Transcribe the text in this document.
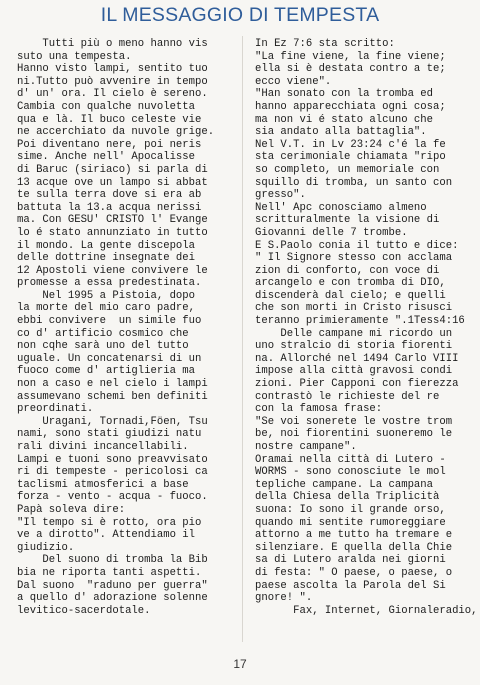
IL MESSAGGIO DI TEMPESTA
Tutti più o meno hanno vis
suto una tempesta.
Hanno visto lampi, sentito tuo
ni.Tutto può avvenire in tempo
d' un' ora. Il cielo è sereno.
Cambia con qualche nuvoletta
qua e là. Il buco celeste vie
ne accerchiato da nuvole grige.
Poi diventano nere, poi neris
sime. Anche nell' Apocalisse
di Baruc (siriaco) si parla di
13 acque ove un lampo si abbat
te sulla terra dove si era ab
battuta la 13.a acqua nerissi
ma. Con GESU' CRISTO l' Evange
lo é stato annunziato in tutto
il mondo. La gente discepola
delle dottrine insegnate dei
12 Apostoli viene convivere le
promesse a essa predestinata.
Nel 1995 a Pistoia, dopo
la morte del mio caro padre,
ebbi convivere  un simile fuo
co d' artificio cosmico che
non cqhe sarà uno del tutto
uguale. Un concatenarsi di un
fuoco come d' artiglieria ma
non a caso e nel cielo i lampi
assumevano schemi ben definiti
preordinati.
Uragani, Tornadi,Föen, Tsu
nami, sono stati giudizi natu
rali divini incancellabili.
Lampi e tuoni sono preavvisato
ri di tempeste - pericolosi ca
taclismi atmosferici a base
forza - vento - acqua - fuoco.
Papà soleva dire:
"Il tempo si è rotto, ora pio
ve a dirotto". Attendiamo il
giudizio.
Del suono di tromba la Bib
bia ne riporta tanti aspetti.
Dal suono  "raduno per guerra"
a quello d' adorazione solenne
levitico-sacerdotale.
In Ez 7:6 sta scritto:
"La fine viene, la fine viene;
ella si è destata contro a te;
ecco viene".
"Han sonato con la tromba ed
hanno apparecchiata ogni cosa;
ma non vi é stato alcuno che
sia andato alla battaglia".
Nel V.T. in Lv 23:24 c'é la fe
sta cerimoniale chiamata "ripo
so completo, un memoriale con
squillo di tromba, un santo con
gresso".
Nell' Apc conosciamo almeno
scritturalmente la visione di
Giovanni delle 7 trombe.
E S.Paolo conia il tutto e dice:
" Il Signore stesso con acclama
zion di conforto, con voce di
arcangelo e con tromba di DIO,
discenderà dal cielo; e quelli
che son morti in Cristo risusci
teranno primieramente ".1Tess4:16
Delle campane mi ricordo un
uno stralcio di storia fiorenti
na. Allorché nel 1494 Carlo VIII
impose alla città gravosi condi
zioni. Pier Capponi con fierezza
contrastò le richieste del re
con la famosa frase:
"Se voi sonerete le vostre trom
be, noi fiorentini suoneremo le
nostre campane".
Oramai nella città di Lutero -
WORMS - sono conosciute le mol
tepliche campane. La campana
della Chiesa della Triplicità
suona: Io sono il grande orso,
quando mi sentite rumoreggiare
attorno a me tutto ha tremare e
silenziare. E quella della Chie
sa di Lutero aralda nei giorni
di festa: " O paese, o paese, o
paese ascolta la Parola del Si
gnore! ".
Fax, Internet, Giornaleradio,
17
